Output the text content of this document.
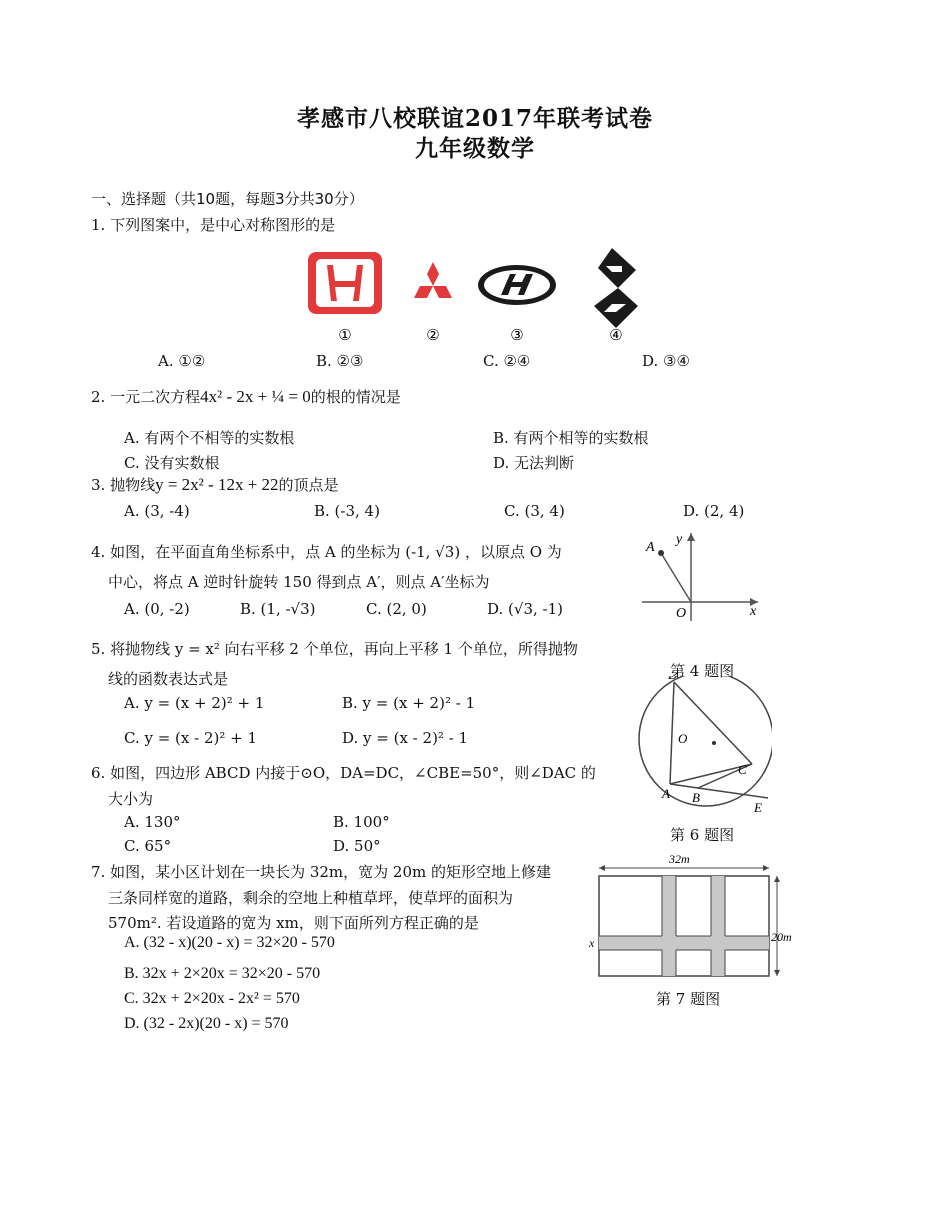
孝感市八校联谊2017年联考试卷
九年级数学
一、选择题（共10题，每题3分共30分）
1. 下列图案中，是中心对称图形的是
①	②	③	④
A. ①②	B. ②③	C. ②④	D. ③④
2. 一元二次方程4x² - 2x + ¼ = 0的根的情况是
A. 有两个不相等的实数根	B. 有两个相等的实数根
C. 没有实数根	D. 无法判断
3. 抛物线y = 2x² - 12x + 22的顶点是
A. (3, -4)	B. (-3, 4)	C. (3, 4)	D. (2, 4)
4. 如图，在平面直角坐标系中，点 A 的坐标为 (-1, √3) ，以原点 O 为
中心，将点 A 逆时针旋转 150 得到点 A′，则点 A′坐标为
A. (0, -2)	B. (1, -√3)	C. (2, 0)	D. (√3, -1)
A
y
O	x
第 4 题图
5. 将抛物线 y = x² 向右平移 2 个单位，再向上平移 1 个单位，所得抛物
线的函数表达式是
A. y = (x + 2)² + 1	B. y = (x + 2)² - 1
C. y = (x - 2)² + 1	D. y = (x - 2)² - 1	O
C
A B
E
第 6 题图
6. 如图，四边形 ABCD 内接于⊙O，DA=DC，∠CBE=50°，则∠DAC 的
大小为
A. 130°	B. 100°
C. 65°	D. 50°
7. 如图，某小区计划在一块长为 32m，宽为 20m 的矩形空地上修建
三条同样宽的道路，剩余的空地上种植草坪，使草坪的面积为
570m². 若设道路的宽为 xm，则下面所列方程正确的是
A. (32 - x)(20 - x) = 32×20 - 570
B. 32x + 2×20x = 32×20 - 570
C. 32x + 2×20x - 2x² = 570
D. (32 - 2x)(20 - x) = 570
32m
20m
x
第 7 题图
